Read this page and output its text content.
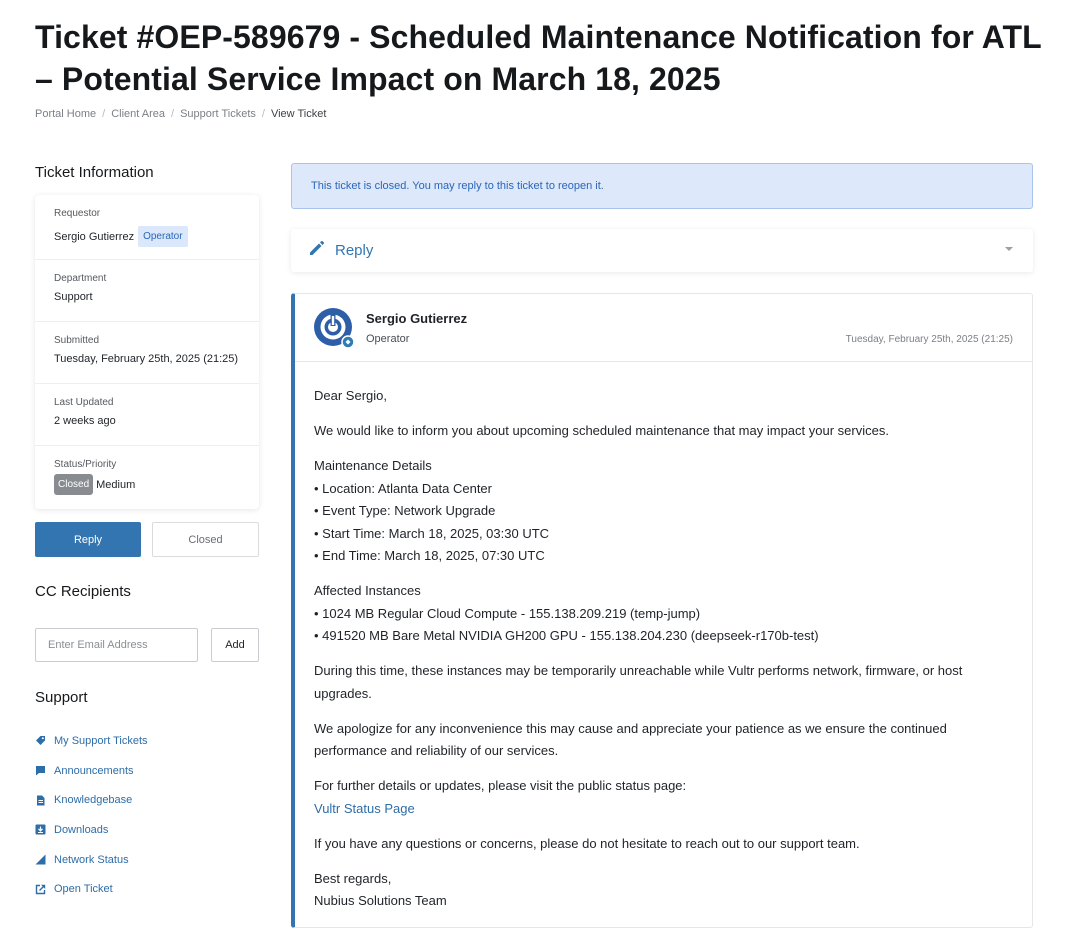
Ticket #OEP-589679 - Scheduled Maintenance Notification for ATL – Potential Service Impact on March 18, 2025
Portal Home / Client Area / Support Tickets / View Ticket
Ticket Information
Requestor
Sergio Gutierrez Operator
Department
Support
Submitted
Tuesday, February 25th, 2025 (21:25)
Last Updated
2 weeks ago
Status/Priority
Closed Medium
Reply	Closed
CC Recipients
Enter Email Address
Add
Support
My Support Tickets
Announcements
Knowledgebase
Downloads
Network Status
Open Ticket
This ticket is closed. You may reply to this ticket to reopen it.
Reply
Sergio Gutierrez
Operator	Tuesday, February 25th, 2025 (21:25)

Dear Sergio,

We would like to inform you about upcoming scheduled maintenance that may impact your services.

Maintenance Details
• Location: Atlanta Data Center
• Event Type: Network Upgrade
• Start Time: March 18, 2025, 03:30 UTC
• End Time: March 18, 2025, 07:30 UTC

Affected Instances
• 1024 MB Regular Cloud Compute - 155.138.209.219 (temp-jump)
• 491520 MB Bare Metal NVIDIA GH200 GPU - 155.138.204.230 (deepseek-r170b-test)

During this time, these instances may be temporarily unreachable while Vultr performs network, firmware, or host upgrades.

We apologize for any inconvenience this may cause and appreciate your patience as we ensure the continued performance and reliability of our services.

For further details or updates, please visit the public status page:
Vultr Status Page

If you have any questions or concerns, please do not hesitate to reach out to our support team.

Best regards,
Nubius Solutions Team
